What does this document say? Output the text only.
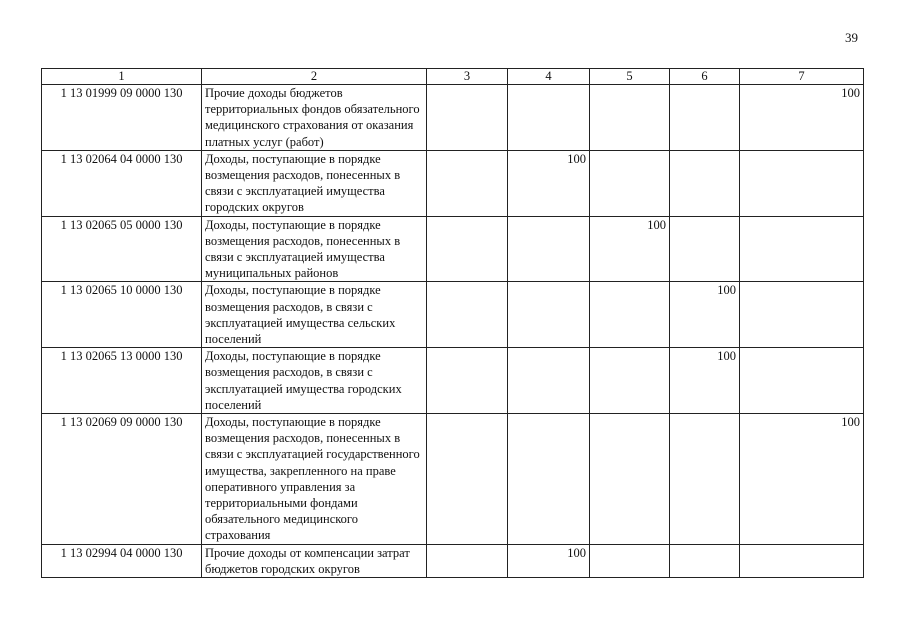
39
1	2	3	4	5	6	7
1 13 01999 09 0000 130	Прочие доходы бюджетов территориальных фондов обязательного медицинского страхования от оказания платных услуг (работ)					100
1 13 02064 04 0000 130	Доходы, поступающие в порядке возмещения расходов, понесенных в связи с эксплуатацией имущества городских округов		100			
1 13 02065 05 0000 130	Доходы, поступающие в порядке возмещения расходов, понесенных в связи с эксплуатацией имущества муниципальных районов			100		
1 13 02065 10 0000 130	Доходы, поступающие в порядке возмещения расходов, в связи с эксплуатацией имущества сельских поселений				100	
1 13 02065 13 0000 130	Доходы, поступающие в порядке возмещения расходов, в связи с эксплуатацией имущества городских поселений				100	
1 13 02069 09 0000 130	Доходы, поступающие в порядке возмещения расходов, понесенных в связи с эксплуатацией государственного имущества, закрепленного на праве оперативного управления за территориальными фондами обязательного медицинского страхования					100
1 13 02994 04 0000 130	Прочие доходы от компенсации затрат бюджетов городских округов		100			
